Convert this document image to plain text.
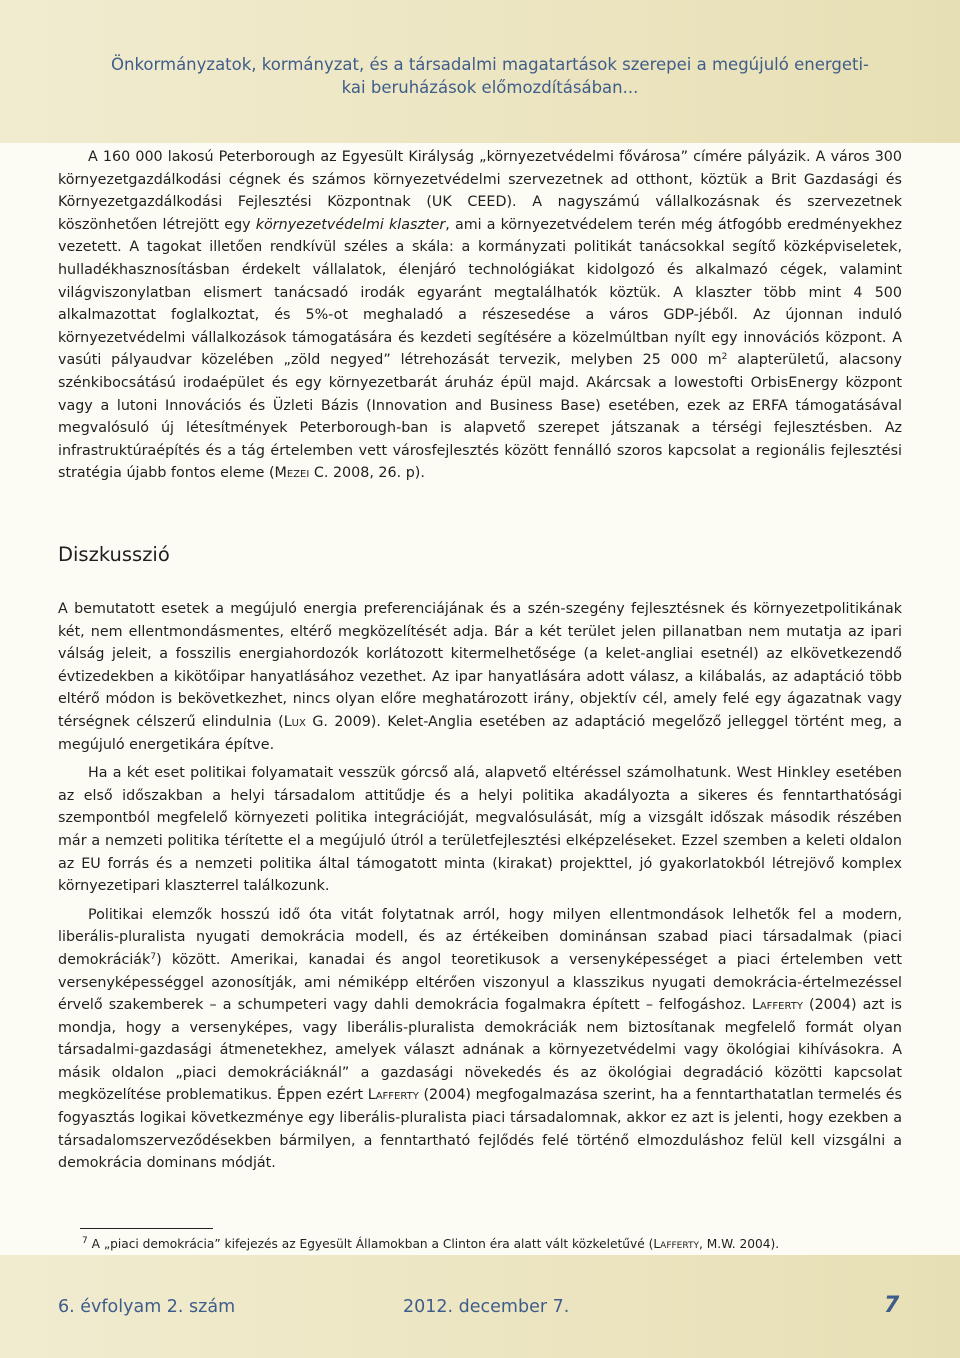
Önkormányzatok, kormányzat, és a társadalmi magatartások szerepei a megújuló energeti-
kai beruházások előmozdításában...

A 160 000 lakosú Peterborough az Egyesült Királyság „környezetvédelmi fővárosa” címére pályázik. A város 300 környezetgazdálkodási cégnek és számos környezetvédelmi szervezetnek ad otthont, köztük a Brit Gazdasági és Környezetgazdálkodási Fejlesztési Központnak (UK CEED). A nagyszámú vállalkozásnak és szervezetnek köszönhetően létrejött egy környezetvédelmi klaszter, ami a környezetvédelem terén még átfogóbb eredményekhez vezetett. A tagokat illetően rendkívül széles a skála: a kormányzati politikát tanácsokkal segítő közképviseletek, hulladékhasznosításban érdekelt vállalatok, élenjáró technológiákat kidolgozó és alkalmazó cégek, valamint világviszonylatban elismert tanácsadó irodák egyaránt megtalálhatók köztük. A klaszter több mint 4 500 alkalmazottat foglalkoztat, és 5%-ot meghaladó a részesedése a város GDP-jéből. Az újonnan induló környezetvédelmi vállalkozások támogatására és kezdeti segítésére a közelmúltban nyílt egy innovációs központ. A vasúti pályaudvar közelében „zöld negyed” létrehozását tervezik, melyben 25 000 $m^2$ alapterületű, alacsony szénkibocsátású irodaépület és egy környezetbarát áruház épül majd. Akárcsak a lowestofti OrbisEnergy központ vagy a lutoni Innovációs és Üzleti Bázis (Innovation and Business Base) esetében, ezek az ERFA támogatásával megvalósuló új létesítmények Peterborough-ban is alapvető szerepet játszanak a térségi fejlesztésben. Az infrastruktúraépítés és a tág értelemben vett városfejlesztés között fennálló szoros kapcsolat a regionális fejlesztési stratégia újabb fontos eleme (Mezei C. 2008, 26. p).

Diszkusszió

A bemutatott esetek a megújuló energia preferenciájának és a szén-szegény fejlesztésnek és környezetpolitikának két, nem ellentmondásmentes, eltérő megközelítését adja. Bár a két terület jelen pillanatban nem mutatja az ipari válság jeleit, a fosszilis energiahordozók korlátozott kitermelhetősége (a kelet-angliai esetnél) az elkövetkezendő évtizedekben a kikötőipar hanyatlásához vezethet. Az ipar hanyatlására adott válasz, a kilábalás, az adaptáció több eltérő módon is bekövetkezhet, nincs olyan előre meghatározott irány, objektív cél, amely felé egy ágazatnak vagy térségnek célszerű elindulnia (Lux G. 2009). Kelet-Anglia esetében az adaptáció megelőző jelleggel történt meg, a megújuló energetikára építve.

Ha a két eset politikai folyamatait vesszük górcső alá, alapvető eltéréssel számolhatunk. West Hinkley esetében az első időszakban a helyi társadalom attitűdje és a helyi politika akadályozta a sikeres és fenntarthatósági szempontból megfelelő környezeti politika integrációját, megvalósulását, míg a vizsgált időszak második részében már a nemzeti politika térítette el a megújuló útról a területfejlesztési elképzeléseket. Ezzel szemben a keleti oldalon az EU forrás és a nemzeti politika által támogatott minta (kirakat) projekttel, jó gyakorlatokból létrejövő komplex környezetipari klaszterrel találkozunk.

Politikai elemzők hosszú idő óta vitát folytatnak arról, hogy milyen ellentmondások lelhetők fel a modern, liberális-pluralista nyugati demokrácia modell, és az értékeiben dominánsan szabad piaci társadalmak (piaci demokráciák$^7$) között. Amerikai, kanadai és angol teoretikusok a versenyképességet a piaci értelemben vett versenyképességgel azonosítják, ami némiképp eltérően viszonyul a klasszikus nyugati demokrácia-értelmezéssel érvelő szakemberek – a schumpeteri vagy dahli demokrácia fogalmakra épített – felfogáshoz. Lafferty (2004) azt is mondja, hogy a versenyképes, vagy liberális-pluralista demokráciák nem biztosítanak megfelelő formát olyan társadalmi-gazdasági átmenetekhez, amelyek választ adnának a környezetvédelmi vagy ökológiai kihívásokra. A másik oldalon „piaci demokráciáknál” a gazdasági növekedés és az ökológiai degradáció közötti kapcsolat megközelítése problematikus. Éppen ezért Lafferty (2004) megfogalmazása szerint, ha a fenntarthatatlan termelés és fogyasztás logikai következménye egy liberális-pluralista piaci társadalomnak, akkor ez azt is jelenti, hogy ezekben a társadalomszerveződésekben bármilyen, a fenntartható fejlődés felé történő elmozduláshoz felül kell vizsgálni a demokrácia dominans módját.

$^7$ A „piaci demokrácia” kifejezés az Egyesült Államokban a Clinton éra alatt vált közkeletűvé (Lafferty, M.W. 2004).
6. évfolyam 2. szám	2012. december 7.	7
